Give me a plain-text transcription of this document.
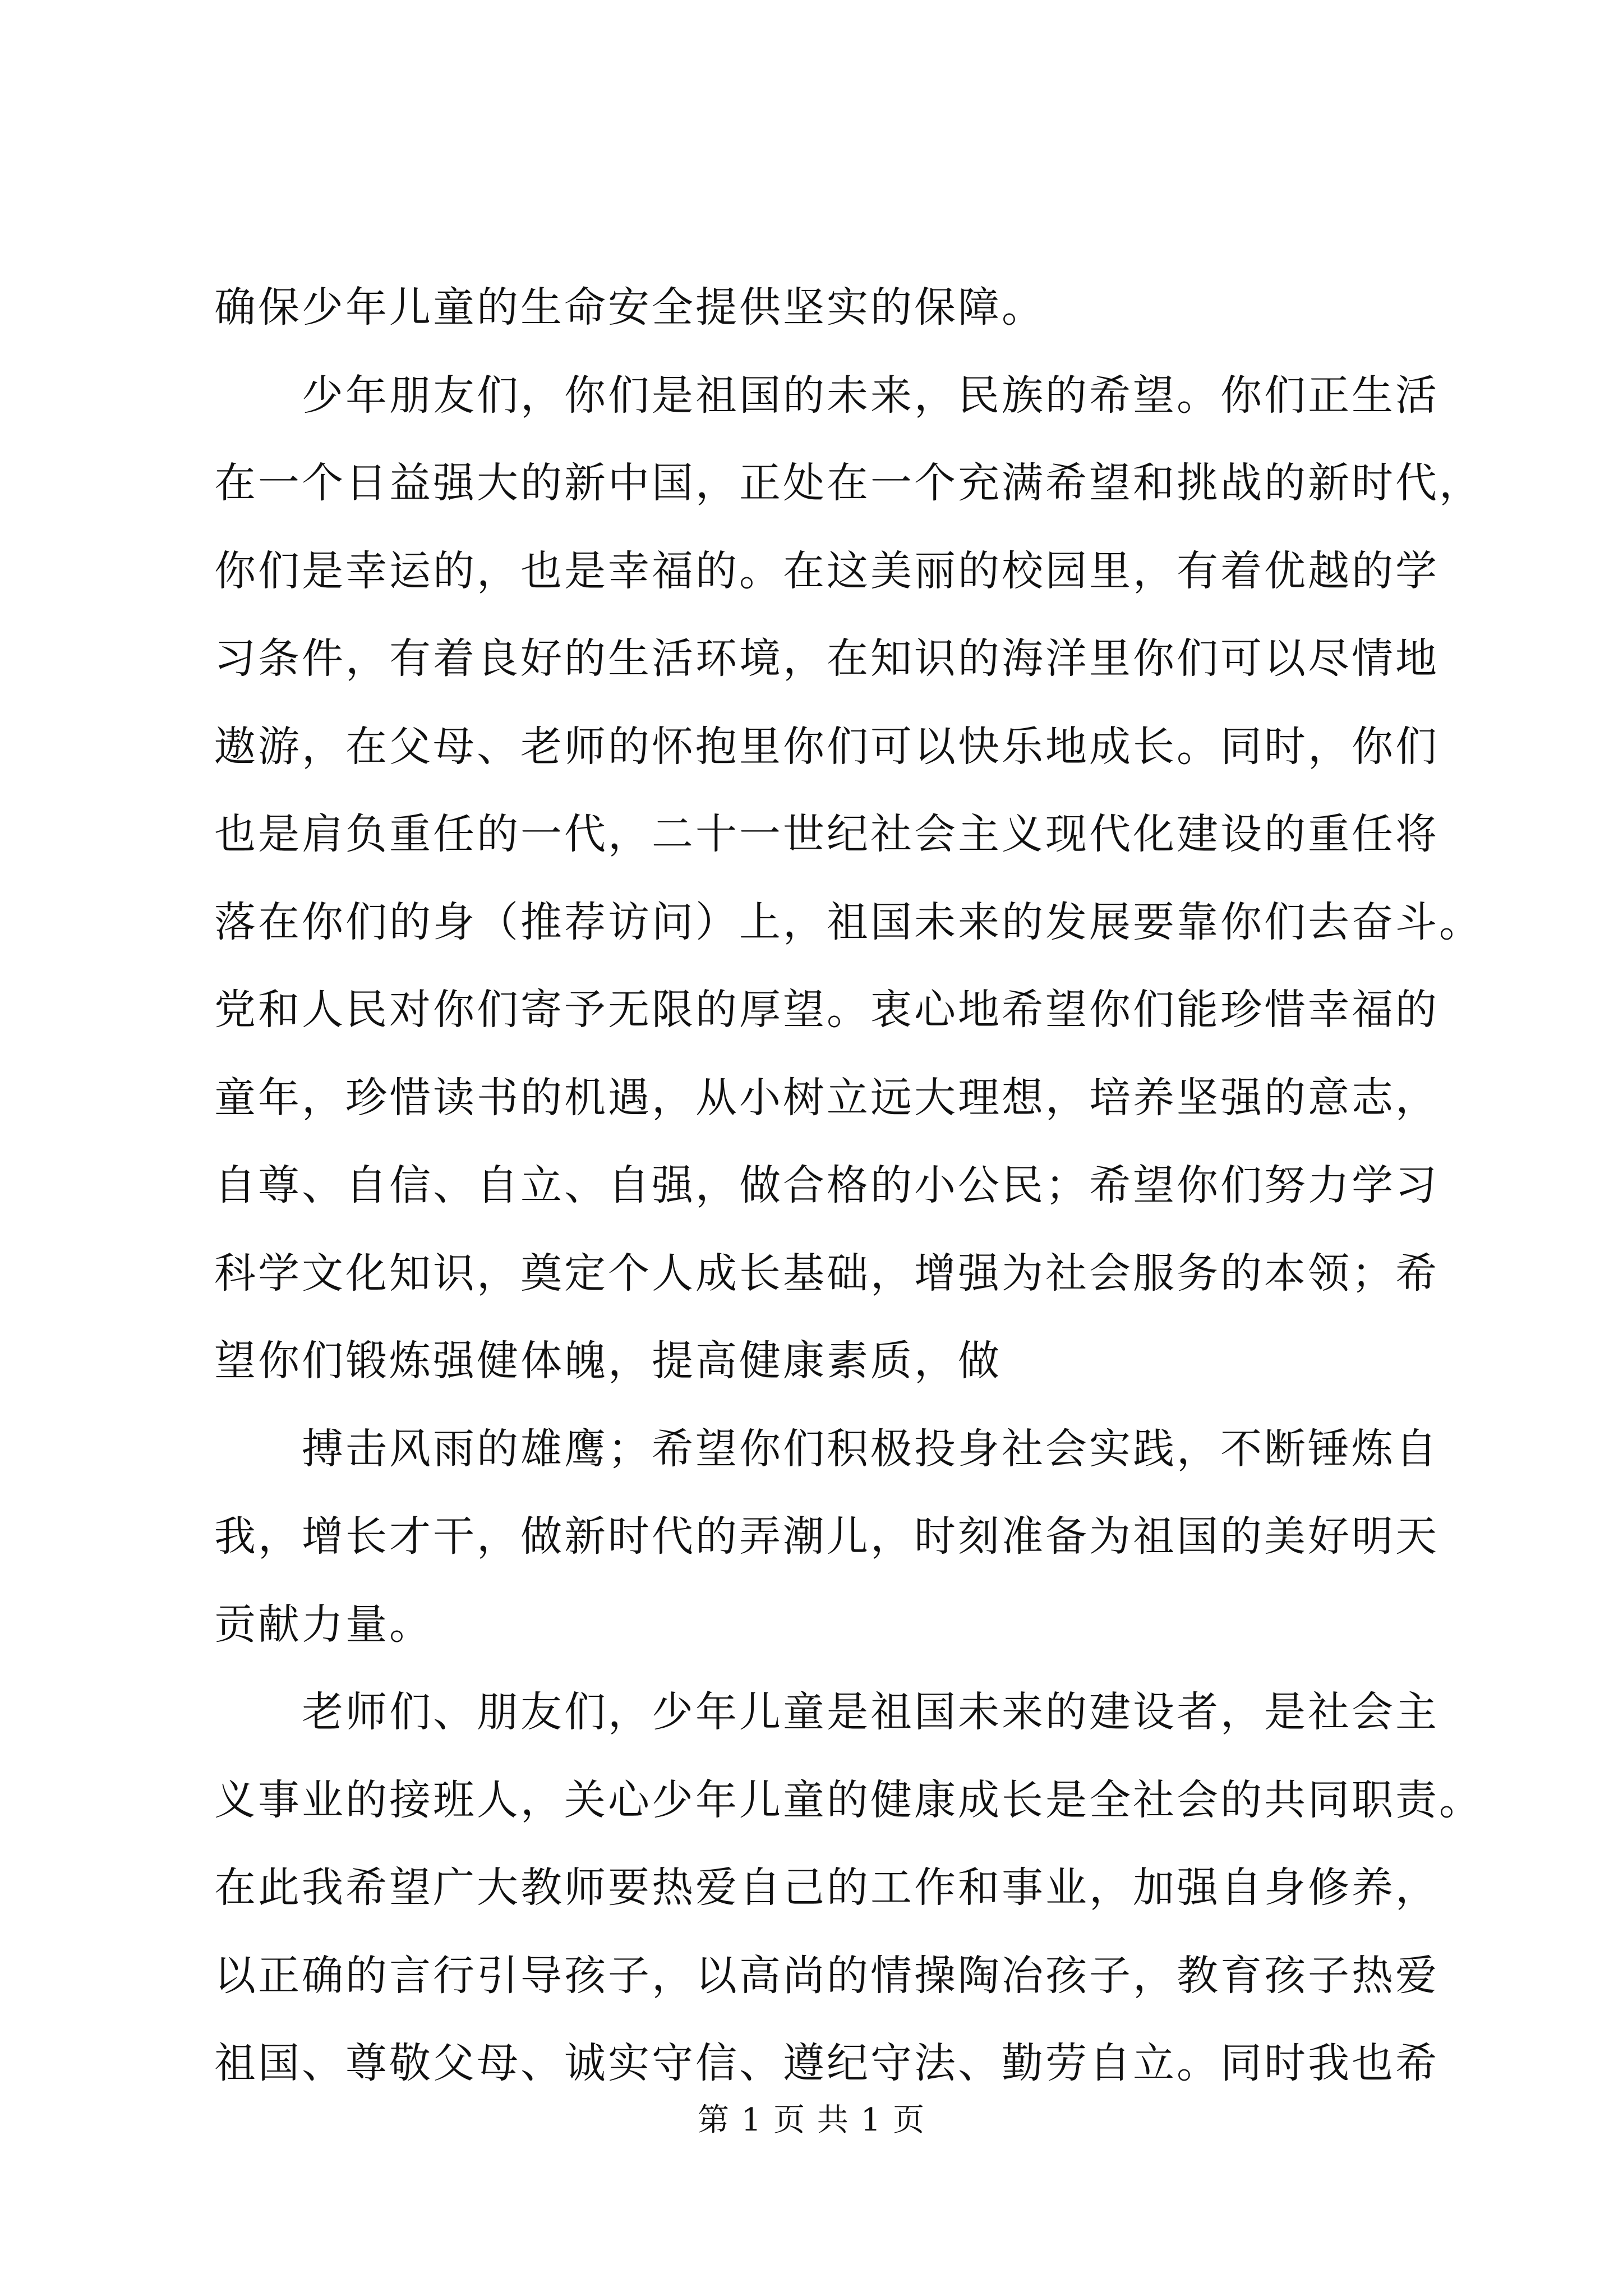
确保少年儿童的生命安全提供坚实的保障。
少年朋友们，你们是祖国的未来，民族的希望。你们正生活
在一个日益强大的新中国，正处在一个充满希望和挑战的新时代，
你们是幸运的，也是幸福的。在这美丽的校园里，有着优越的学
习条件，有着良好的生活环境，在知识的海洋里你们可以尽情地
遨游，在父母、老师的怀抱里你们可以快乐地成长。同时，你们
也是肩负重任的一代，二十一世纪社会主义现代化建设的重任将
落在你们的身（推荐访问）上，祖国未来的发展要靠你们去奋斗。
党和人民对你们寄予无限的厚望。衷心地希望你们能珍惜幸福的
童年，珍惜读书的机遇，从小树立远大理想，培养坚强的意志，
自尊、自信、自立、自强，做合格的小公民；希望你们努力学习
科学文化知识，奠定个人成长基础，增强为社会服务的本领；希
望你们锻炼强健体魄，提高健康素质，做
搏击风雨的雄鹰；希望你们积极投身社会实践，不断锤炼自
我，增长才干，做新时代的弄潮儿，时刻准备为祖国的美好明天
贡献力量。
老师们、朋友们，少年儿童是祖国未来的建设者，是社会主
义事业的接班人，关心少年儿童的健康成长是全社会的共同职责。
在此我希望广大教师要热爱自己的工作和事业，加强自身修养，
以正确的言行引导孩子，以高尚的情操陶冶孩子，教育孩子热爱
祖国、尊敬父母、诚实守信、遵纪守法、勤劳自立。同时我也希
第 1 页 共 1 页
